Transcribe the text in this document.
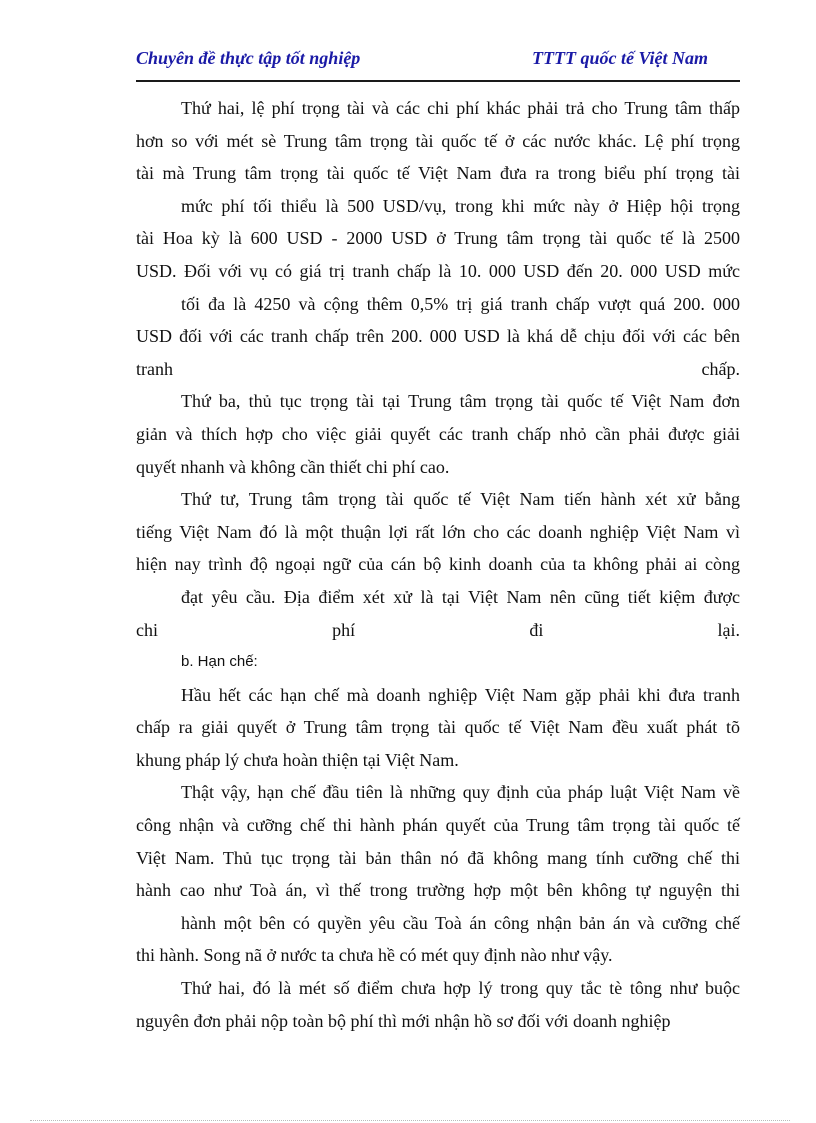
Chuyên đề thực tập tốt nghiệp	TTTT quốc tế Việt Nam
Thứ hai, lệ phí trọng tài và các chi phí khác phải trả cho Trung tâm thấp
hơn so với mét sè Trung tâm trọng tài quốc tế ở các nước khác. Lệ phí trọng
tài mà Trung tâm trọng tài quốc tế Việt Nam đưa ra trong biểu phí trọng tài
mức phí tối thiểu là 500 USD/vụ, trong khi mức này ở Hiệp hội trọng
tài Hoa kỳ là 600 USD - 2000 USD ở Trung tâm trọng tài quốc tế là 2500
USD. Đối với vụ có giá trị tranh chấp là 10. 000 USD đến 20. 000 USD mức
tối đa là 4250 và cộng thêm 0,5% trị giá tranh chấp vượt quá 200. 000
USD đối với các tranh chấp trên 200. 000 USD là khá dễ chịu đối với các bên
tranh chấp.
Thứ ba, thủ tục trọng tài tại Trung tâm trọng tài quốc tế Việt Nam đơn
giản và thích hợp cho việc giải quyết các tranh chấp nhỏ cần phải được giải
quyết nhanh và không cần thiết chi phí cao.
Thứ tư, Trung tâm trọng tài quốc tế Việt Nam tiến hành xét xử bằng
tiếng Việt Nam đó là một thuận lợi rất lớn cho các doanh nghiệp Việt Nam vì
hiện nay trình độ ngoại ngữ của cán bộ kinh doanh của ta không phải ai còng
đạt yêu cầu. Địa điểm xét xử là tại Việt Nam nên cũng tiết kiệm được
chi phí đi lại.
b. Hạn chế:
Hầu hết các hạn chế mà doanh nghiệp Việt Nam gặp phải khi đưa tranh
chấp ra giải quyết ở Trung tâm trọng tài quốc tế Việt Nam đều xuất phát tõ
khung pháp lý chưa hoàn thiện tại Việt Nam.
Thật vậy, hạn chế đầu tiên là những quy định của pháp luật Việt Nam về
công nhận và cưỡng chế thi hành phán quyết của Trung tâm trọng tài quốc tế
Việt Nam. Thủ tục trọng tài bản thân nó đã không mang tính cưỡng chế thi
hành cao như Toà án, vì thế trong trường hợp một bên không tự nguyện thi
hành một bên có quyền yêu cầu Toà án công nhận bản án và cưỡng chế
thi hành. Song nã ở nước ta chưa hề có mét quy định nào như vậy.
Thứ hai, đó là mét số điểm chưa hợp lý trong quy tắc tè tông như buộc
nguyên đơn phải nộp toàn bộ phí thì mới nhận hồ sơ đối với doanh nghiệp
